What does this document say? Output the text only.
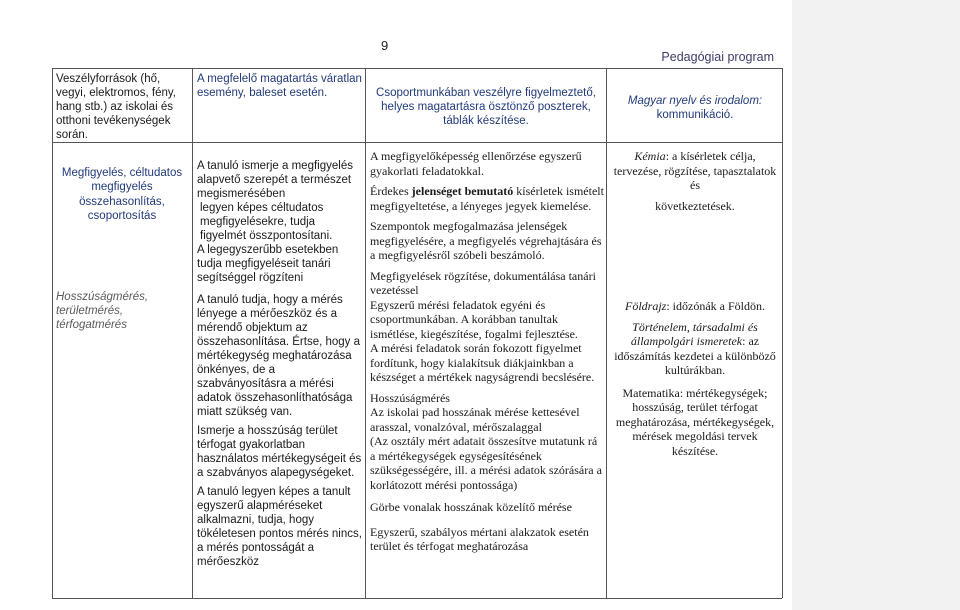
9
Pedagógiai program
Veszélyforrások (hő, vegyi, elektromos, fény, hang stb.) az iskolai és otthoni tevékenységek során.
A megfelelő magatartás váratlan esemény, baleset esetén.	Csoportmunkában veszélyre figyelmeztető, helyes magatartásra ösztönző poszterek, táblák készítése.
Magyar nyelv és irodalom: kommunikáció.
Megfigyelés, céltudatos megfigyelés
összehasonlítás, csoportosítás
Hosszúságmérés, területmérés, térfogatmérés
A tanuló ismerje a megfigyelés alapvető szerepét a természet megismerésében
legyen képes céltudatos megfigyelésekre, tudja figyelmét összpontosítani.
A legegyszerűbb esetekben tudja megfigyeléseit tanári segítséggel rögzíteni
A tanuló tudja, hogy a mérés lényege a mérőeszköz és a mérendő objektum az összehasonlítása. Értse, hogy a mértékegység meghatározása önkényes, de a szabványosításra a mérési adatok összehasonlíthatósága miatt szükség van.
Ismerje a hosszúság terület térfogat gyakorlatban használatos mértékegységeit és a szabványos alapegységeket.
A tanuló legyen képes a tanult egyszerű alapméréseket alkalmazni, tudja, hogy tökéletesen pontos mérés nincs, a mérés pontosságát a mérőeszköz

A megfigyelőképesség ellenőrzése egyszerű gyakorlati feladatokkal.

Érdekes jelenséget bemutató kísérletek ismételt megfigyeltetése, a lényeges jegyek kiemelése.

Szempontok megfogalmazása jelenségek megfigyelésére, a megfigyelés végrehajtására és a megfigyelésről szóbeli beszámoló.

Megfigyelések rögzítése, dokumentálása tanári vezetéssel

Egyszerű mérési feladatok egyéni és csoportmunkában. A korábban tanultak ismétlése, kiegészítése, fogalmi fejlesztése.

A mérési feladatok során fokozott figyelmet fordítunk, hogy kialakítsuk diákjainkban a készséget a mértékek nagyságrendi becslésére.

Hosszúságmérés

Az iskolai pad hosszának mérése kettesével arasszal, vonalzóval, mérőszalaggal

(Az osztály mért adatait összesítve mutatunk rá a mértékegységek egységesítésének szükségességére, ill. a mérési adatok szórására a korlátozott mérési pontossága)

Görbe vonalak hosszának közelítő mérése

Egyszerű, szabályos mértani alakzatok esetén terület és térfogat meghatározása

Kémia: a kísérletek célja, tervezése, rögzítése, tapasztalatok és
következtetések.
Földrajz: időzónák a Földön.
Történelem, társadalmi és állampolgári ismeretek: az időszámítás kezdetei a különböző kultúrákban.
Matematika: mértékegységek; hosszúság, terület térfogat meghatározása, mértékegységek, mérések megoldási tervek készítése.
